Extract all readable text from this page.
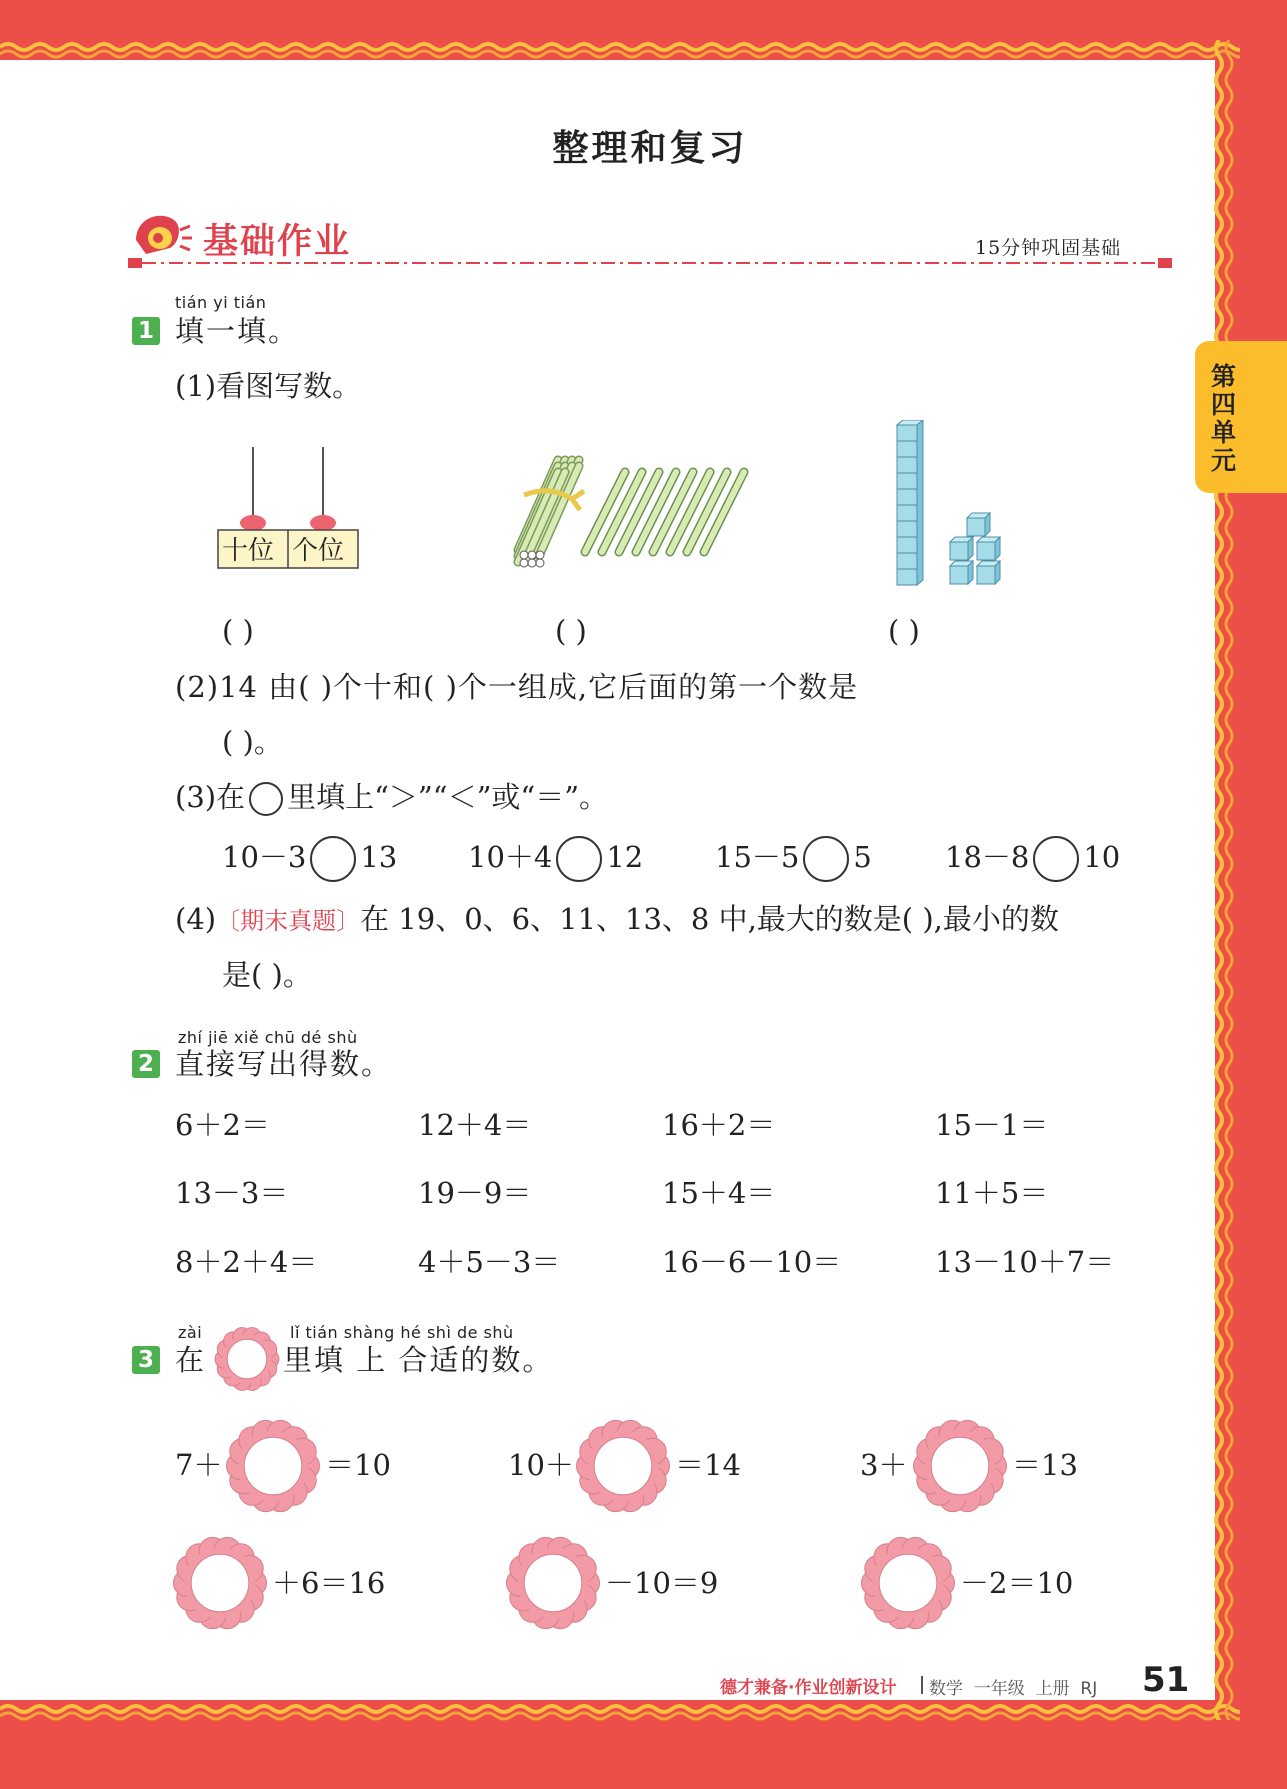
第四单元
整理和复习
基础作业	15分钟巩固基础
tián yi tián
1 填一填。
(1)看图写数。
十位 个位
( )	( )	( )
(2)14 由( )个十和( )个一组成,它后面的第一个数是
( )。
(3)在 里填上“＞”“＜”或“＝”。
10－3 13 10＋4 12 15－5 5	18－8 10
(4)〔期末真题〕在 19、0、6、11、13、8 中,最大的数是( ),最小的数
是( )。
zhí jiē xiě chū dé shù
2 直接写出得数。
6＋2＝	12＋4＝	16＋2＝	15－1＝
13－3＝	19－9＝	15＋4＝	11＋5＝
8＋2＋4＝	4＋5－3＝	16－6－10＝	13－10＋7＝
zài	lǐ tián shàng hé shì de shù
3 在	里填 上 合适的数。
7＋	＝10	10＋	＝14	3＋	＝13
＋6＝16	－10＝9	－2＝10
德才兼备·作业创新设计 数学  一年级  上册  RJ 51
